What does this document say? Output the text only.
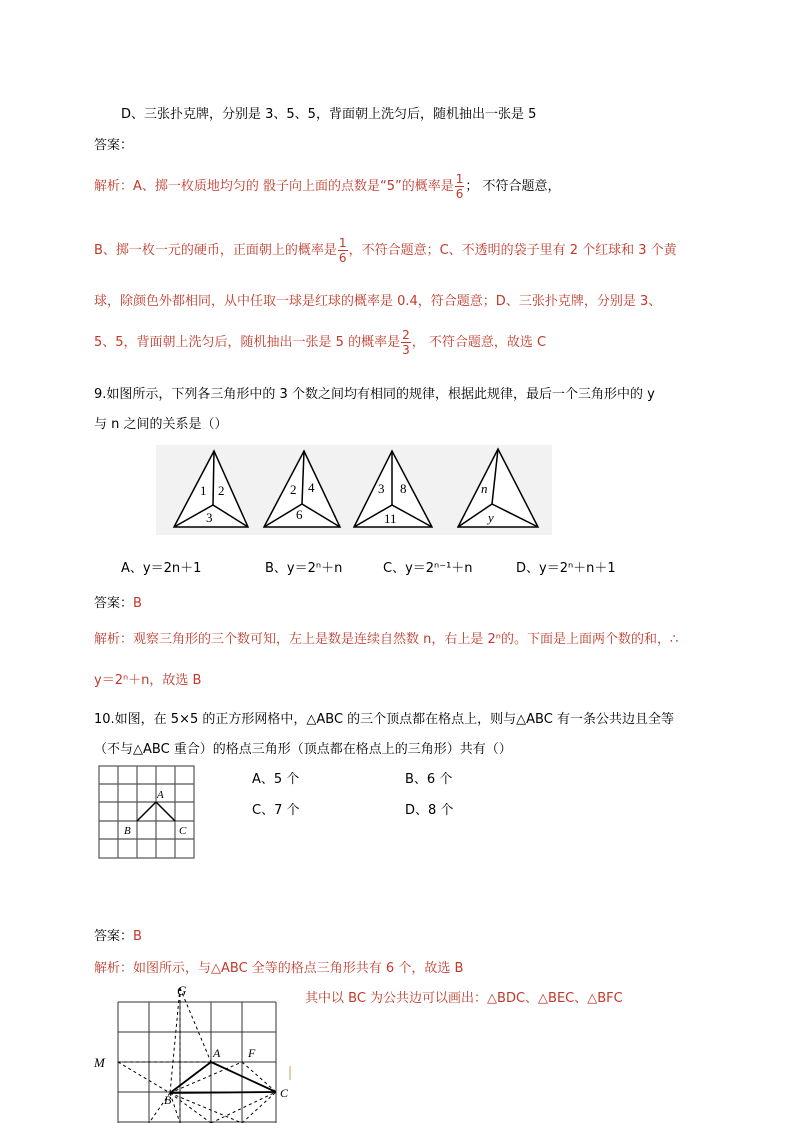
D、三张扑克牌，分别是 3、5、5，背面朝上洗匀后，随机抽出一张是 5
答案：
解析：A、掷一枚质地均匀的 骰子向上面的点数是“5”的概率是 $\frac{1}{6}$ ； 不符合题意，
B、掷一枚一元的硬币，正面朝上的概率是 $\frac{1}{6}$ ，不符合题意；C、不透明的袋子里有 2 个红球和 3 个黄
球，除颜色外都相同，从中任取一球是红球的概率是 0.4，符合题意；D、三张扑克牌，分别是 3、
5、5，背面朝上洗匀后，随机抽出一张是 5 的概率是 $\frac{2}{3}$ ， 不符合题意，故选 C
9.如图所示，下列各三角形中的 3 个数之间均有相同的规律，根据此规律，最后一个三角形中的 y
与 n 之间的关系是（）
1 2
3
2 4
6
3 8
11
n
y
A、y＝2n＋1	B、y＝2ⁿ＋n	C、y＝2ⁿ⁻¹＋n	D、y＝2ⁿ＋n＋1
答案：B
解析：观察三角形的三个数可知，左上是数是连续自然数 n，右上是 2ⁿ的。下面是上面两个数的和，∴
y＝2ⁿ＋n，故选 B
10.如图，在 5×5 的正方形网格中，△ABC 的三个顶点都在格点上，则与△ABC 有一条公共边且全等
（不与△ABC 重合）的格点三角形（顶点都在格点上的三角形）共有（）
A
B	C
A、5 个	B、6 个
C、7 个	D、8 个
答案：B
解析：如图所示，与△ABC 全等的格点三角形共有 6 个，故选 B
其中以 BC 为公共边可以画出：△BDC、△BEC、△BFC
G
M
A F
B	C
